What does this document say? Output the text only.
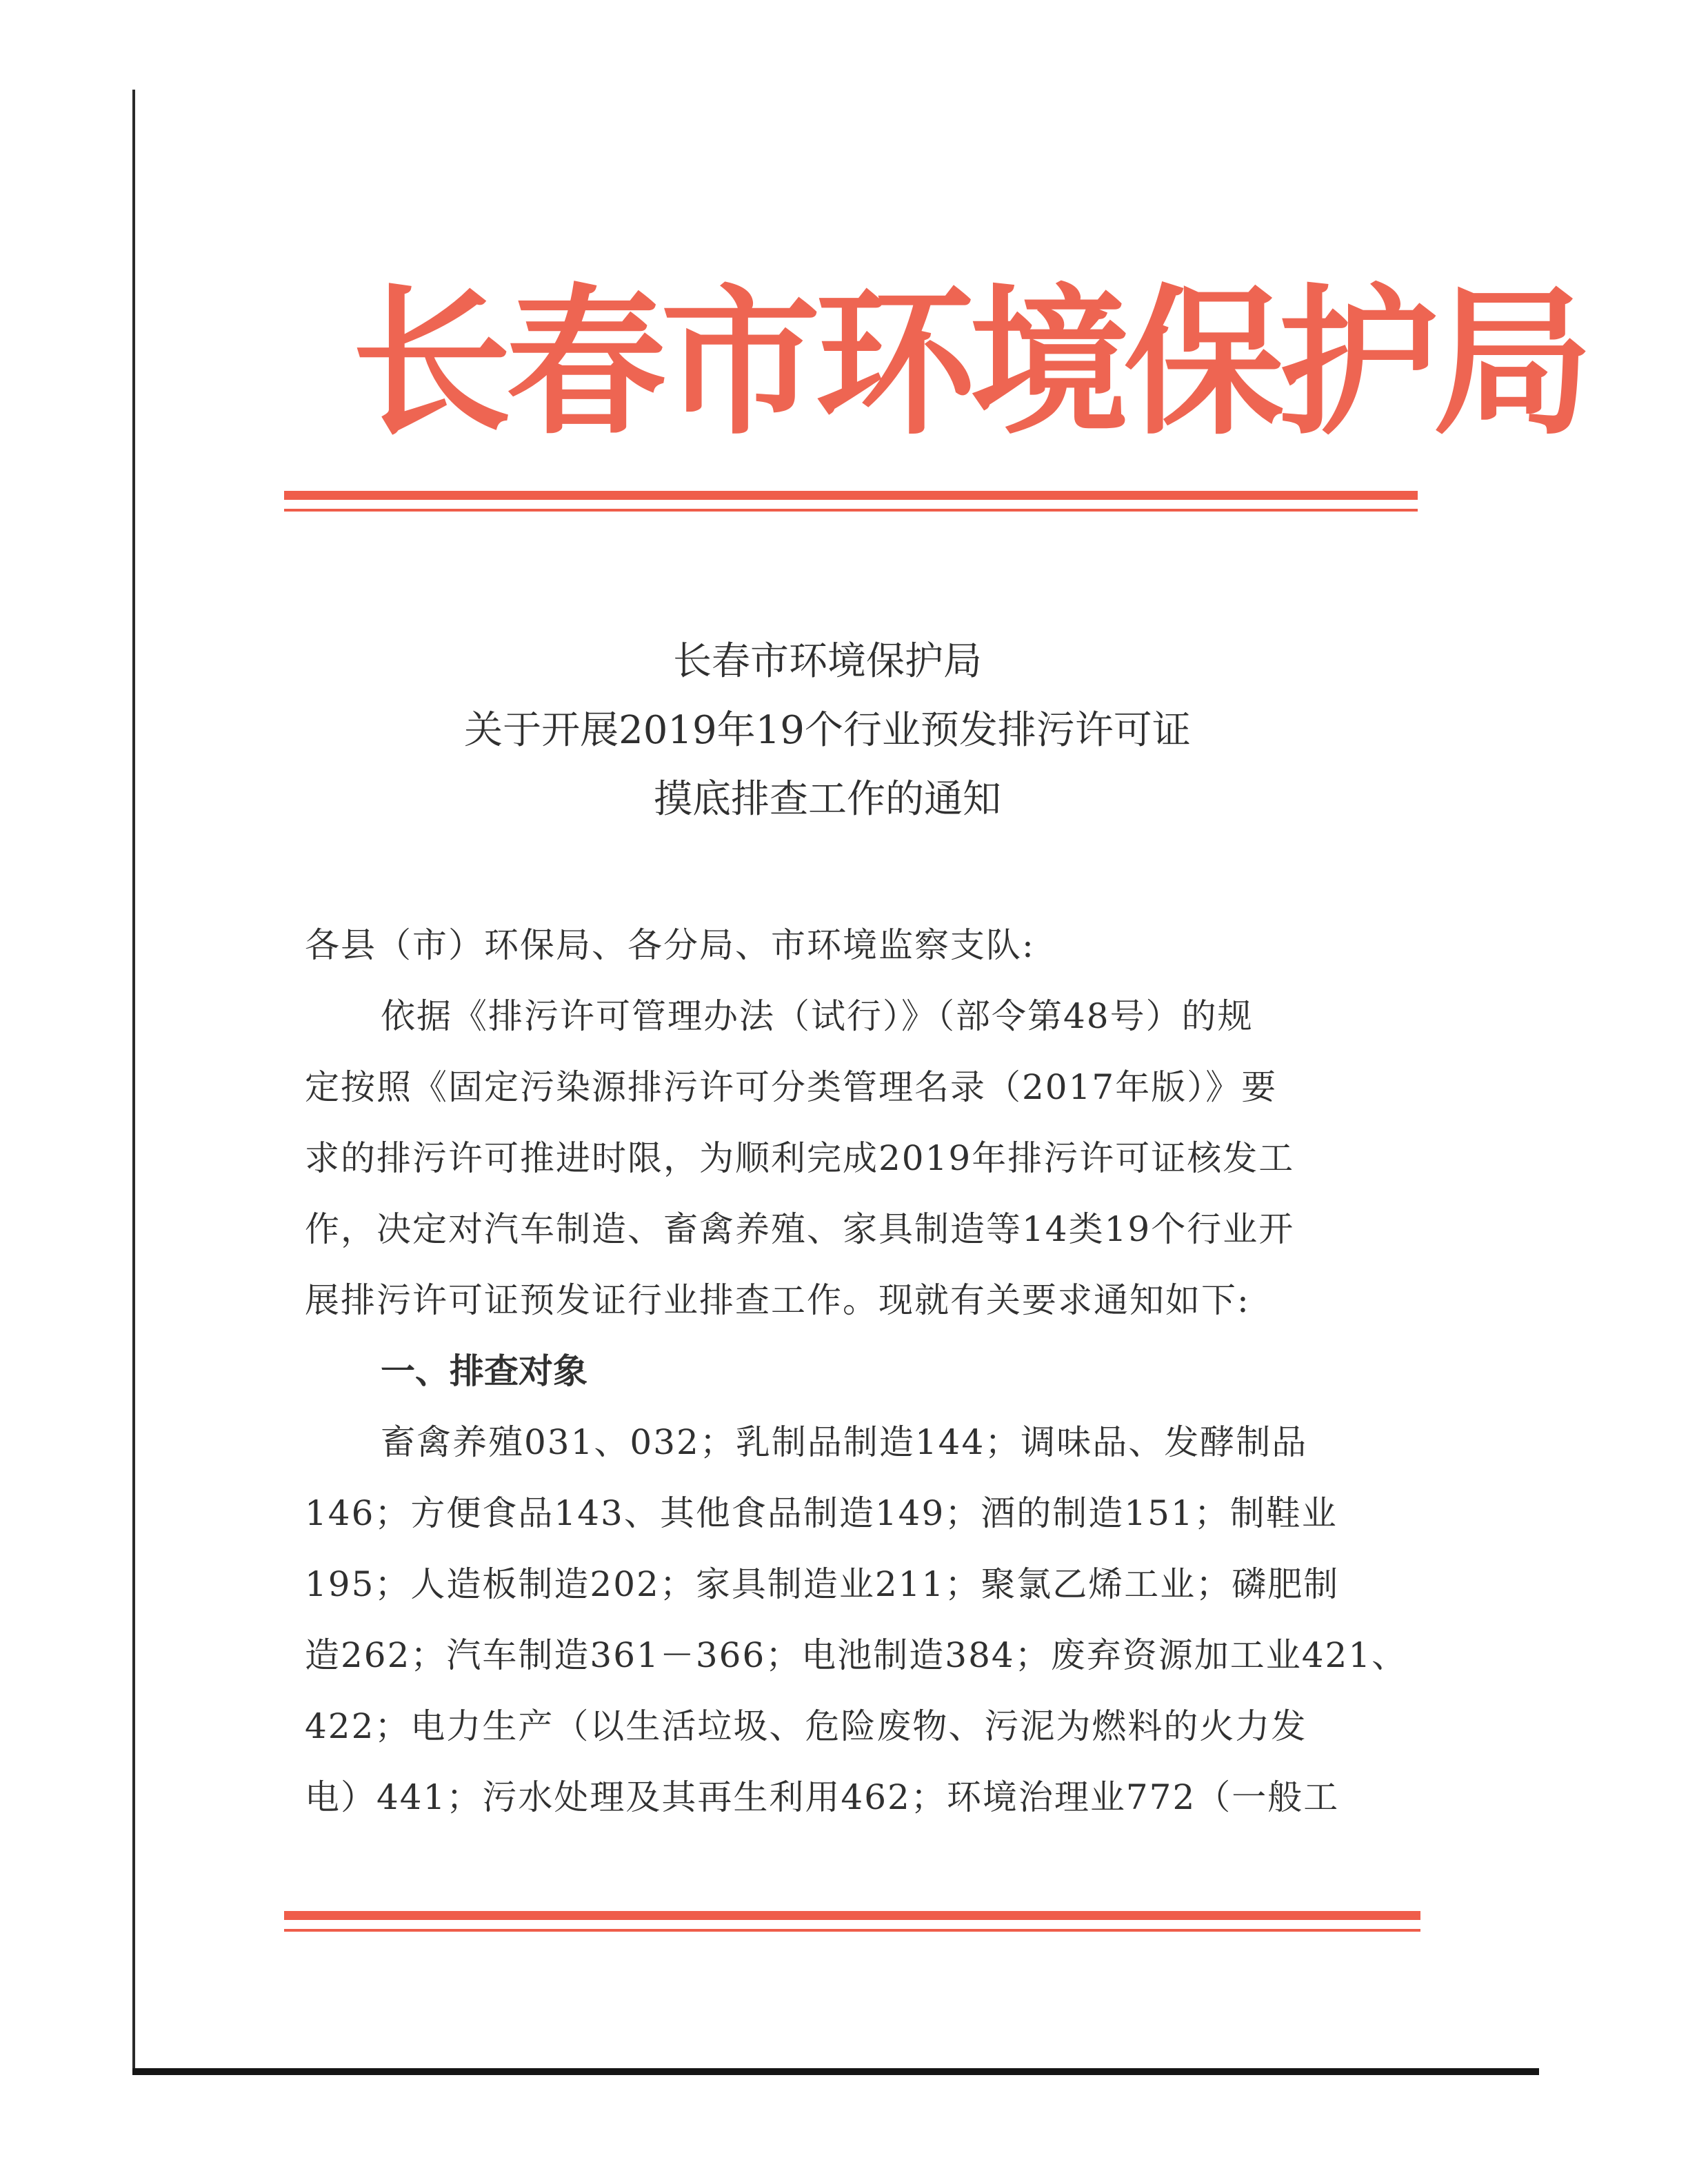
长春市环境保护局
长春市环境保护局
关于开展2019年19个行业预发排污许可证
摸底排查工作的通知
各县（市）环保局、各分局、市环境监察支队:
依据《排污许可管理办法（试行）》（部令第48号）的规
定按照《固定污染源排污许可分类管理名录（2017年版）》要
求的排污许可推进时限，为顺利完成2019年排污许可证核发工
作，决定对汽车制造、畜禽养殖、家具制造等14类19个行业开
展排污许可证预发证行业排查工作。现就有关要求通知如下:
一、排查对象
畜禽养殖031、032；乳制品制造144；调味品、发酵制品
146；方便食品143、其他食品制造149；酒的制造151；制鞋业
195；人造板制造202；家具制造业211；聚氯乙烯工业；磷肥制
造262；汽车制造361－366；电池制造384；废弃资源加工业421、
422；电力生产（以生活垃圾、危险废物、污泥为燃料的火力发
电）441；污水处理及其再生利用462；环境治理业772（一般工
